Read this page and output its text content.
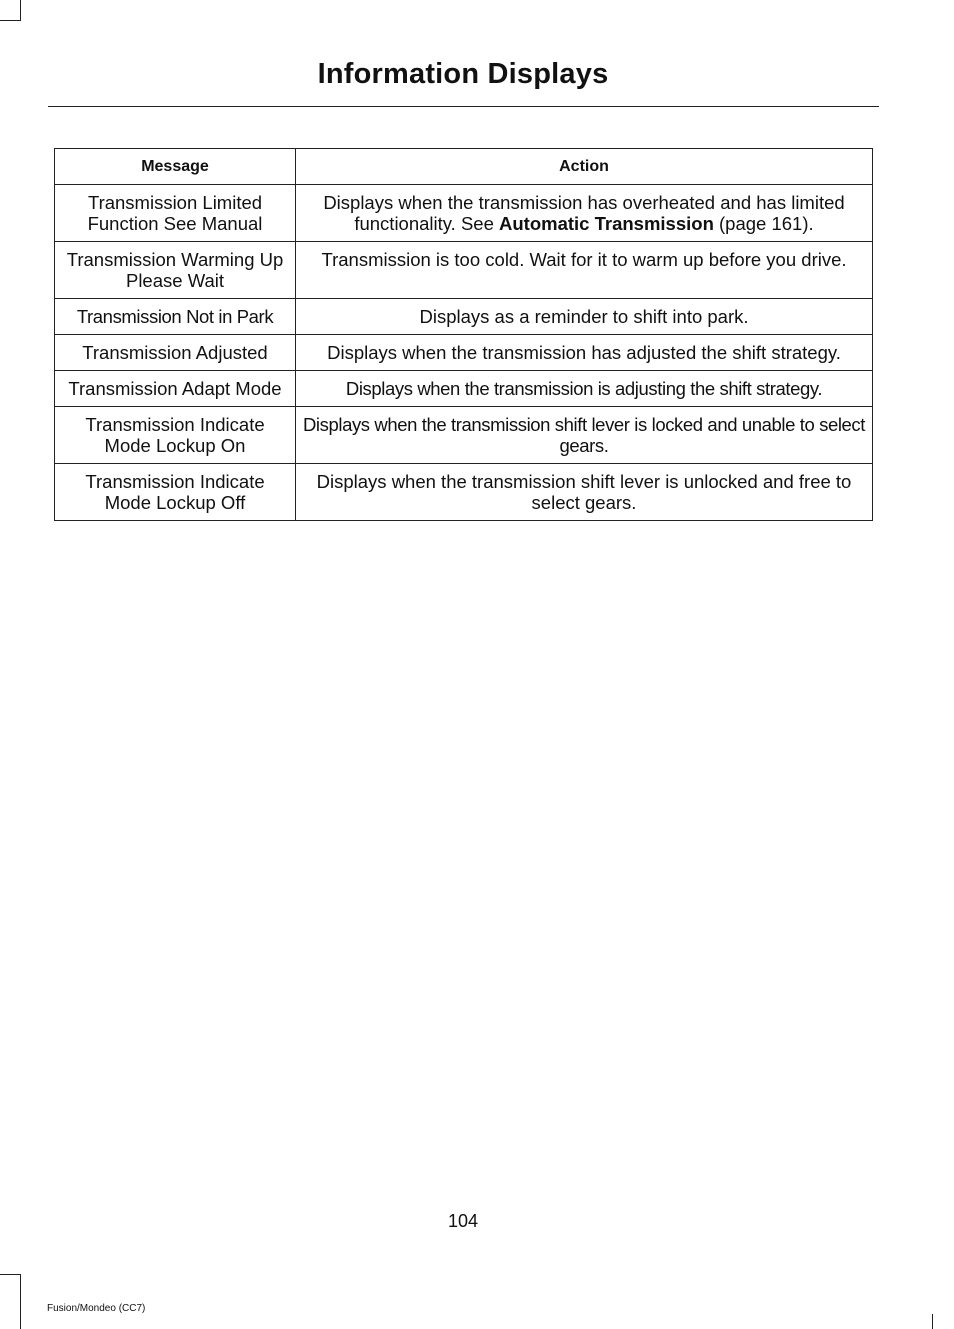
Information Displays
Message	Action
Transmission Limited Function See Manual	Displays when the transmission has overheated and has limited functionality. See Automatic Transmission (page 161).
Transmission Warming Up Please Wait	Transmission is too cold. Wait for it to warm up before you drive.
Transmission Not in Park	Displays as a reminder to shift into park.
Transmission Adjusted	Displays when the transmission has adjusted the shift strategy.
Transmission Adapt Mode	Displays when the transmission is adjusting the shift strategy.
Transmission Indicate Mode Lockup On	Displays when the transmission shift lever is locked and unable to select gears.
Transmission Indicate Mode Lockup Off	Displays when the transmission shift lever is unlocked and free to select gears.
104
Fusion/Mondeo (CC7)
